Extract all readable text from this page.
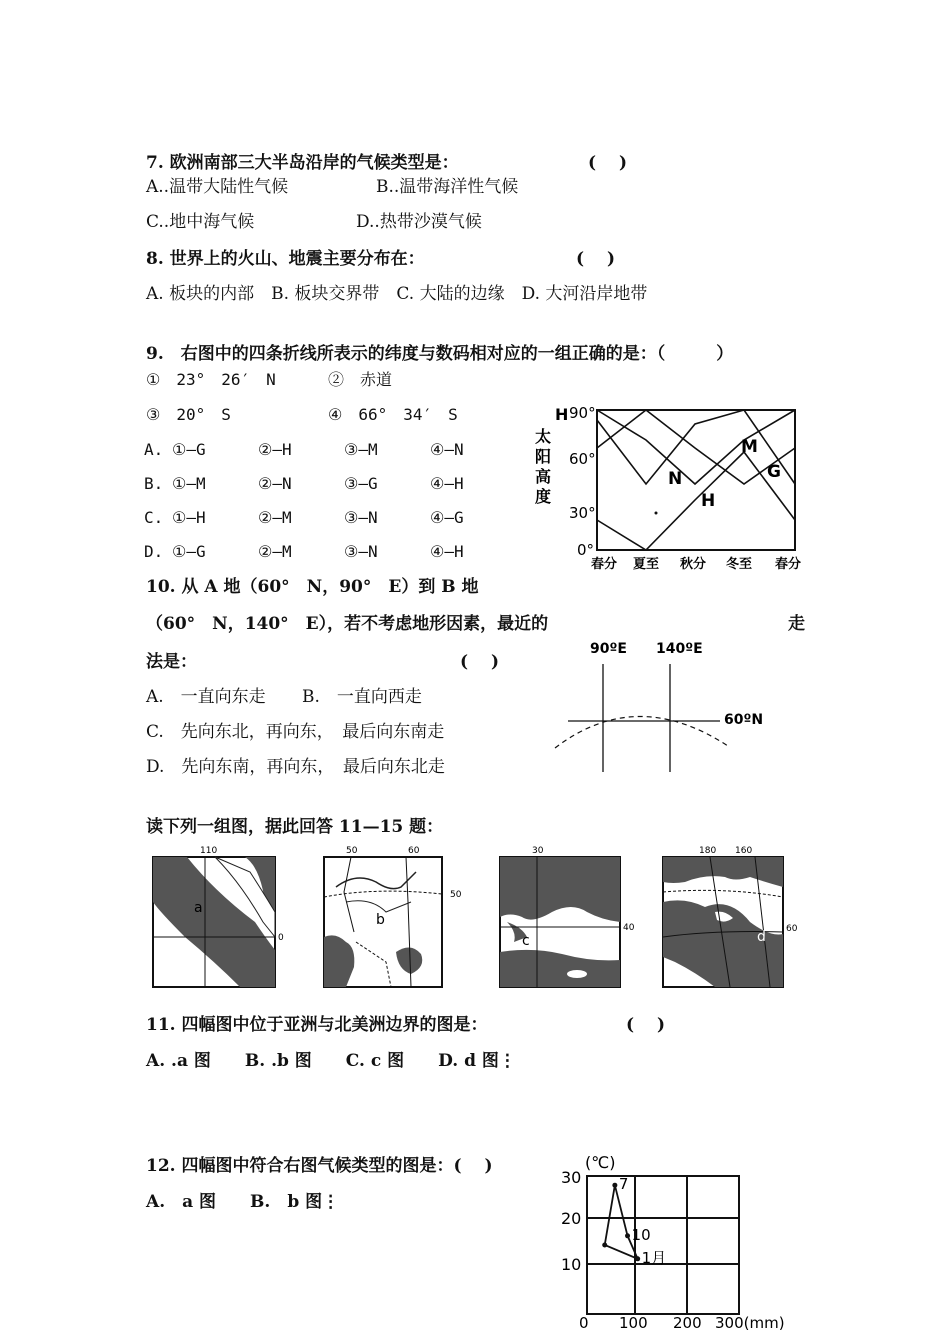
7. 欧洲南部三大半岛沿岸的气候类型是：	(　 )
A..温带大陆性气候	B..温带海洋性气候
C..地中海气候	D..热带沙漠气候
8. 世界上的火山、地震主要分布在：	(　 )
A. 板块的内部　B. 板块交界带　C. 大陆的边缘　D. 大河沿岸地带
9.　右图中的四条折线所表示的纬度与数码相对应的一组正确的是：（　　　）
①　23°　26′　N	②　赤道
③　20°　S	④　66°　34′　S
A. ①—G	②—H	③—M	④—N
B. ①—M	②—N	③—G	④—H
C. ①—H	②—M	③—N	④—G
D. ①—G	②—M	③—N	④—H
H
太
阳
高
度
90°
60°
30°
0°
M
G
N
H
春分 夏至 秋分 冬至 春分
10. 从 A 地（60°　N，90°　E）到 B 地
（60°　N，140°　E），若不考虑地形因素，最近的	走
法是：	(　 )
A.　一直向东走 B.　一直向西走
C.　先向东北，再向东，　最后向东南走
D.　先向东南，再向东，　最后向东北走
90ºE 140ºE
60ºN
读下列一组图，据此回答 11—15 题：
110
0
a
50	60
50
b
30
40
c
180 160
60
d
11. 四幅图中位于亚洲与北美洲边界的图是：	(　 )
A. .a 图　　B. .b 图　　C. c 图　　D. d 图⋮
12. 四幅图中符合右图气候类型的图是：(　 )
A.　a 图　　B.　b 图⋮
(℃)
30
20
10
7
10
1月
0 100 200 300(mm)
